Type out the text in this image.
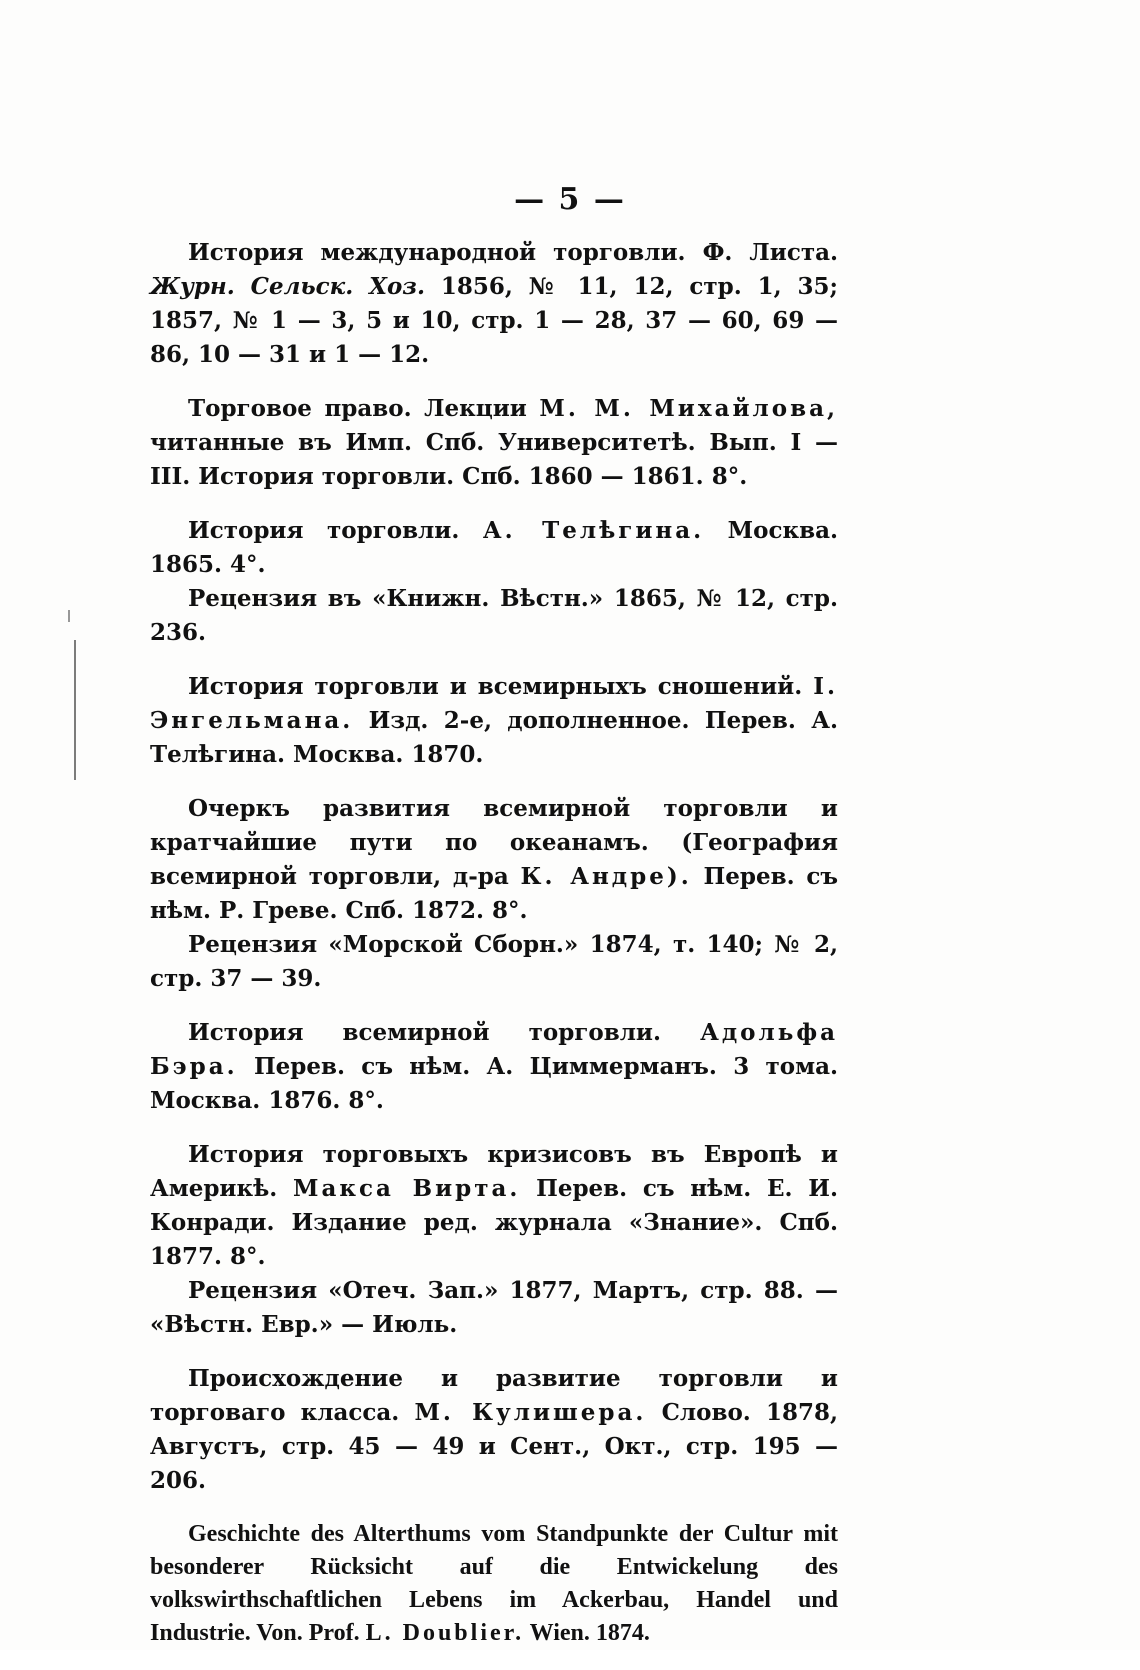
— 5 —

История международной торговли. Ф. Листа. Журн. Сельск. Хоз. 1856, № 11, 12, стр. 1, 35; 1857, № 1 — 3, 5 и 10, стр. 1 — 28, 37 — 60, 69 — 86, 10 — 31 и 1 — 12.

Торговое право. Лекции М. М. Михайлова, читанные въ Имп. Спб. Университетѣ. Вып. I — III. История торговли. Спб. 1860 — 1861. 8°.

История торговли. А. Телѣгина. Москва. 1865. 4°.

Рецензия въ «Книжн. Вѣстн.» 1865, № 12, стр. 236.

История торговли и всемирныхъ сношений. I. Энгельмана. Изд. 2-е, дополненное. Перев. А. Телѣгина. Москва. 1870.

Очеркъ развития всемирной торговли и кратчайшие пути по океанамъ. (География всемирной торговли, д-ра К. Андре). Перев. съ нѣм. Р. Греве. Спб. 1872. 8°.

Рецензия «Морской Сборн.» 1874, т. 140; № 2, стр. 37 — 39.

История всемирной торговли. Адольфа Бэра. Перев. съ нѣм. А. Циммерманъ. 3 тома. Москва. 1876. 8°.

История торговыхъ кризисовъ въ Европѣ и Америкѣ. Макса Вирта. Перев. съ нѣм. Е. И. Конради. Издание ред. журнала «Знание». Спб. 1877. 8°.

Рецензия «Отеч. Зап.» 1877, Мартъ, стр. 88. — «Вѣстн. Евр.» — Июль.

Происхождение и развитие торговли и торговаго класса. М. Кулишера. Слово. 1878, Августъ, стр. 45 — 49 и Сент., Окт., стр. 195 — 206.

Geschichte des Alterthums vom Standpunkte der Cultur mit besonderer Rücksicht auf die Entwickelung des volkswirthschaftlichen Lebens im Ackerbau, Handel und Industrie. Von. Prof. L. Doublier. Wien. 1874.
